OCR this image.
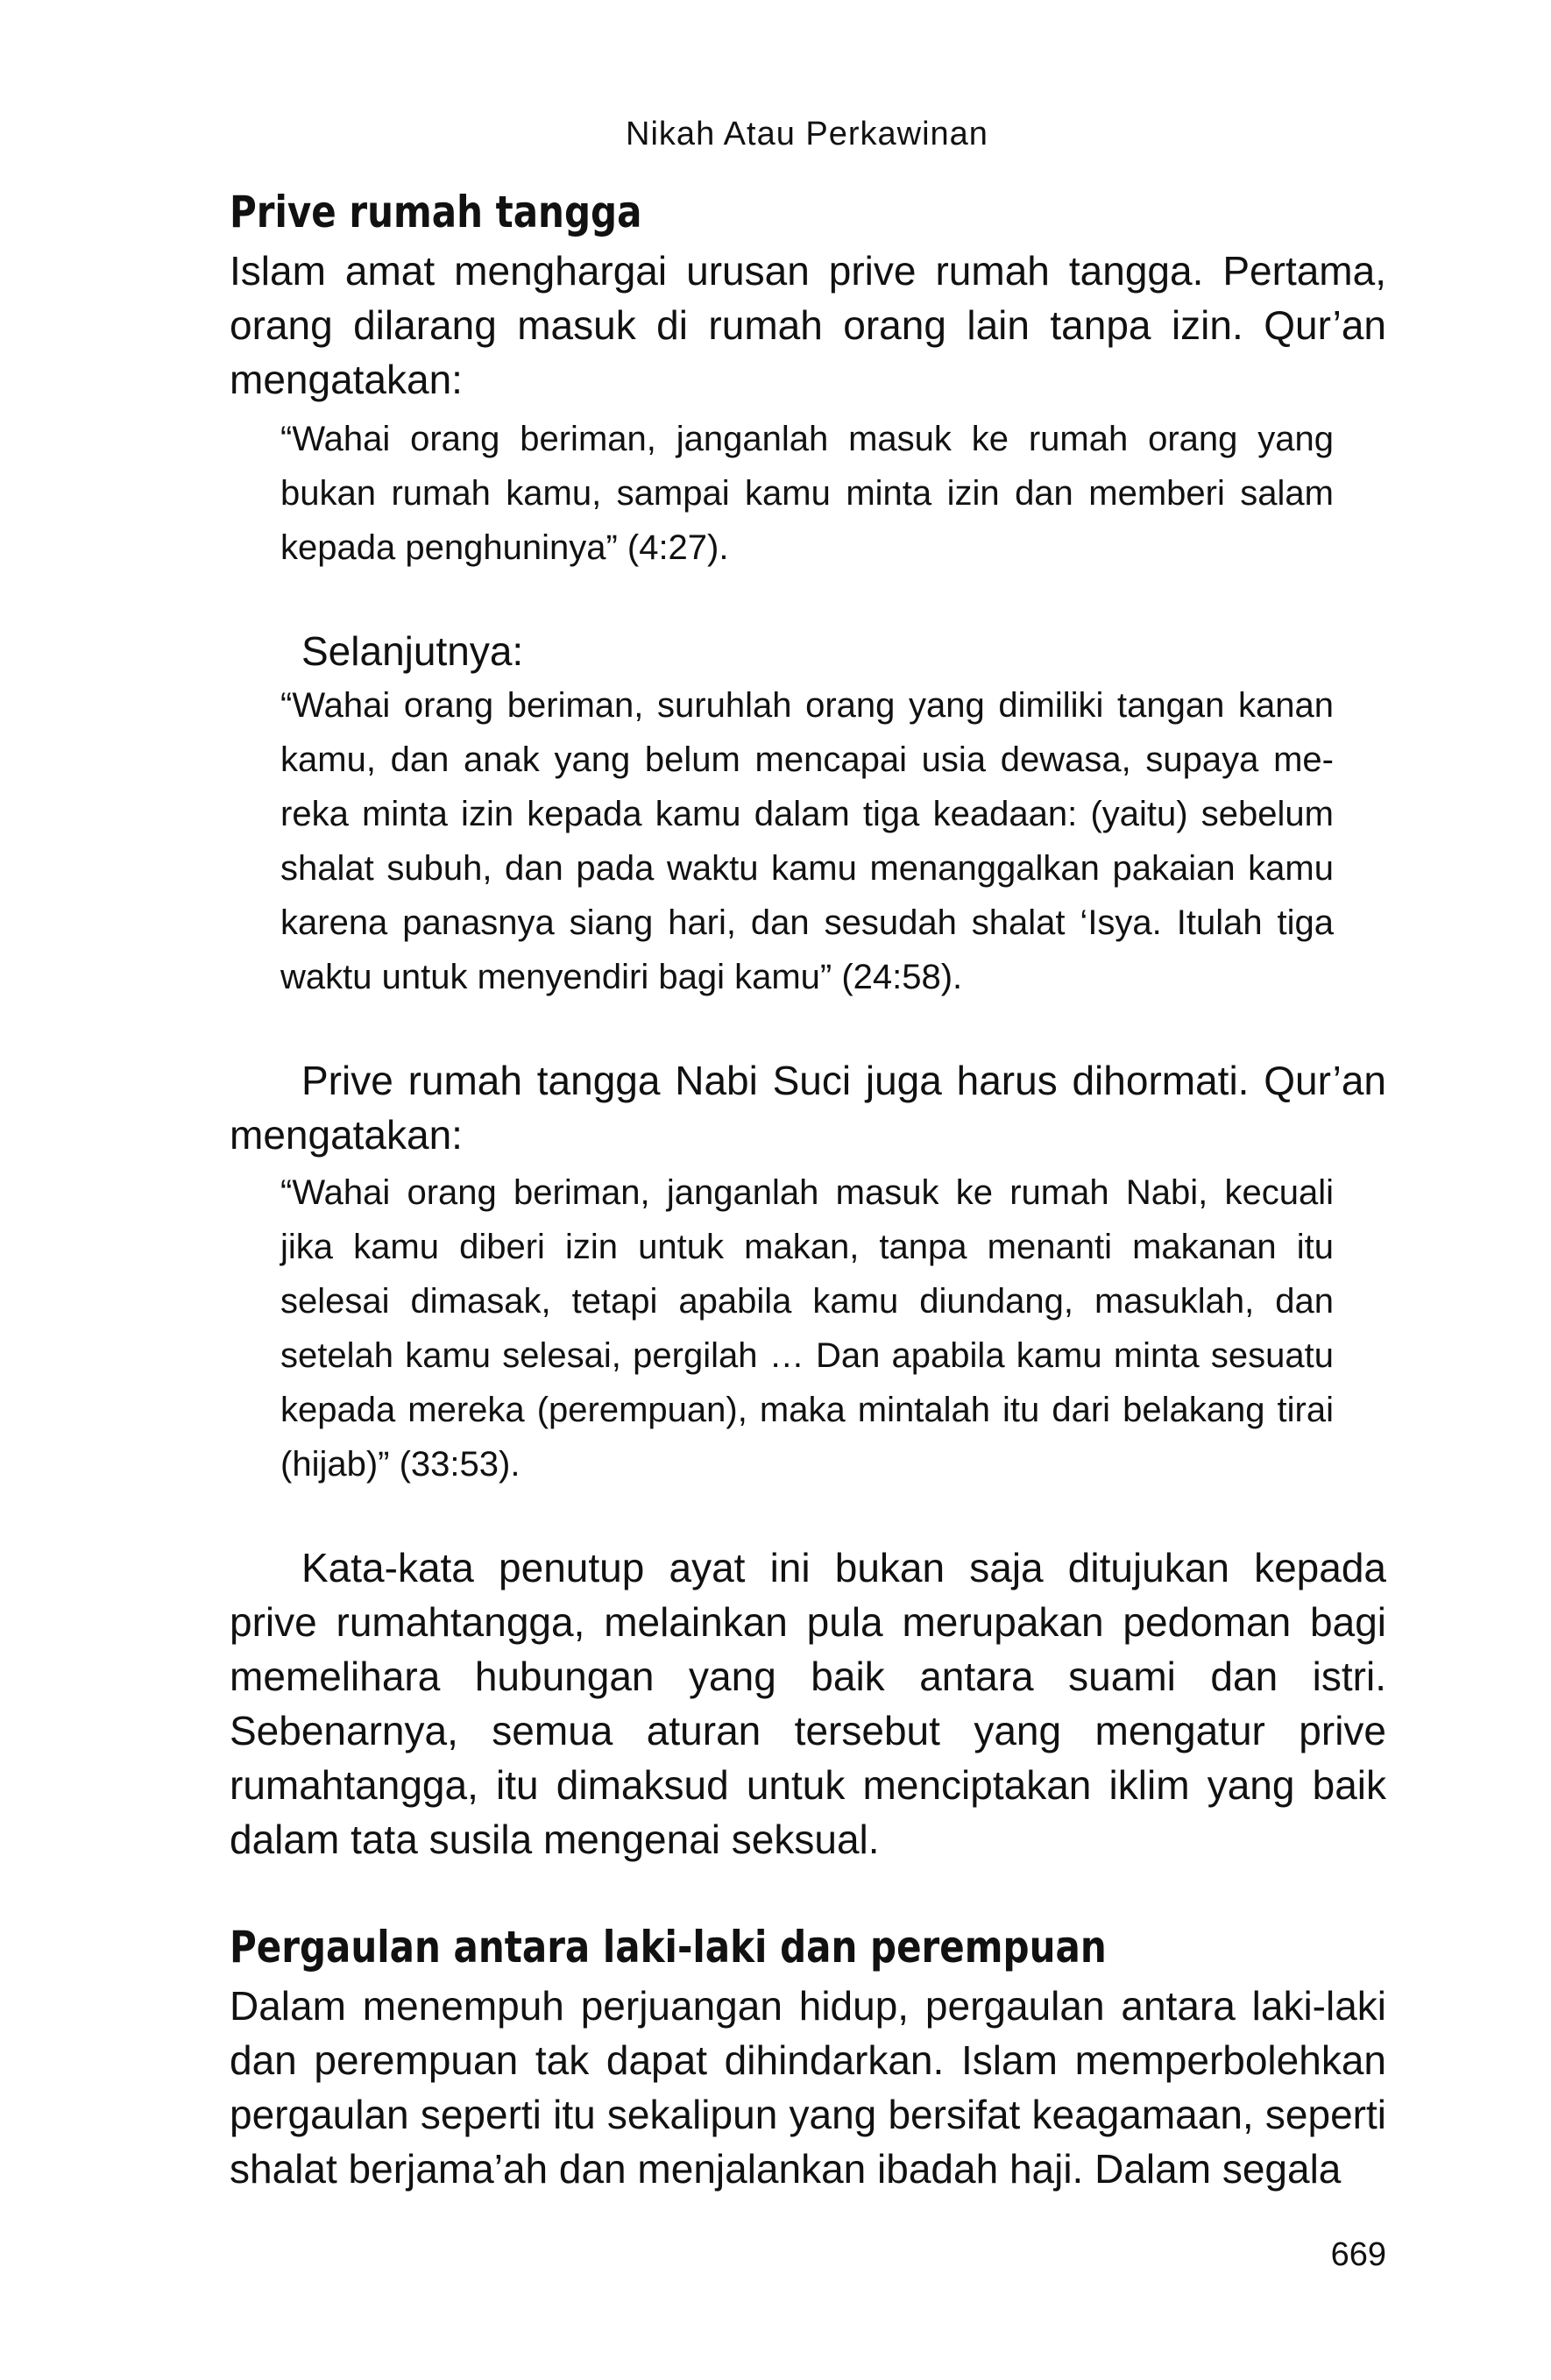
Nikah Atau Perkawinan
Prive rumah tangga

Islam amat menghargai urusan prive rumah tangga. Pertama, orang dilarang masuk di rumah orang lain tanpa izin. Qur’an mengatakan:

“Wahai orang beriman, janganlah masuk ke rumah orang yang bukan rumah kamu, sampai kamu minta izin dan memberi salam kepada penghuninya” (4:27).

Selanjutnya:

“Wahai orang beriman, suruhlah orang yang dimiliki tangan kanan kamu, dan anak yang belum mencapai usia dewasa, supaya mereka minta izin kepada kamu dalam tiga keadaan: (yaitu) sebelum shalat subuh, dan pada waktu kamu menanggalkan pakaian kamu karena panasnya siang hari, dan sesudah shalat ‘Isya. Itulah tiga waktu untuk menyendiri bagi kamu” (24:58).

Prive rumah tangga Nabi Suci juga harus dihormati. Qur’an mengatakan:

“Wahai orang beriman, janganlah masuk ke rumah Nabi, kecuali jika kamu diberi izin untuk makan, tanpa menanti makanan itu selesai dimasak, tetapi apabila kamu diundang, masuklah, dan setelah kamu selesai, pergilah … Dan apabila kamu minta sesuatu kepada mereka (perempuan), maka mintalah itu dari belakang tirai (hijab)” (33:53).

Kata-kata penutup ayat ini bukan saja ditujukan kepada prive rumahtangga, melainkan pula merupakan pedoman bagi memelihara hubungan yang baik antara suami dan istri. Sebenarnya, semua aturan tersebut yang mengatur prive rumahtangga, itu dimaksud untuk menciptakan iklim yang baik dalam tata susila mengenai seksual.

Pergaulan antara laki-laki dan perempuan

Dalam menempuh perjuangan hidup, pergaulan antara laki-laki dan perempuan tak dapat dihindarkan. Islam memperbolehkan pergaulan seperti itu sekalipun yang bersifat keagamaan, seperti shalat berjama’ah dan menjalankan ibadah haji. Dalam segala

669
